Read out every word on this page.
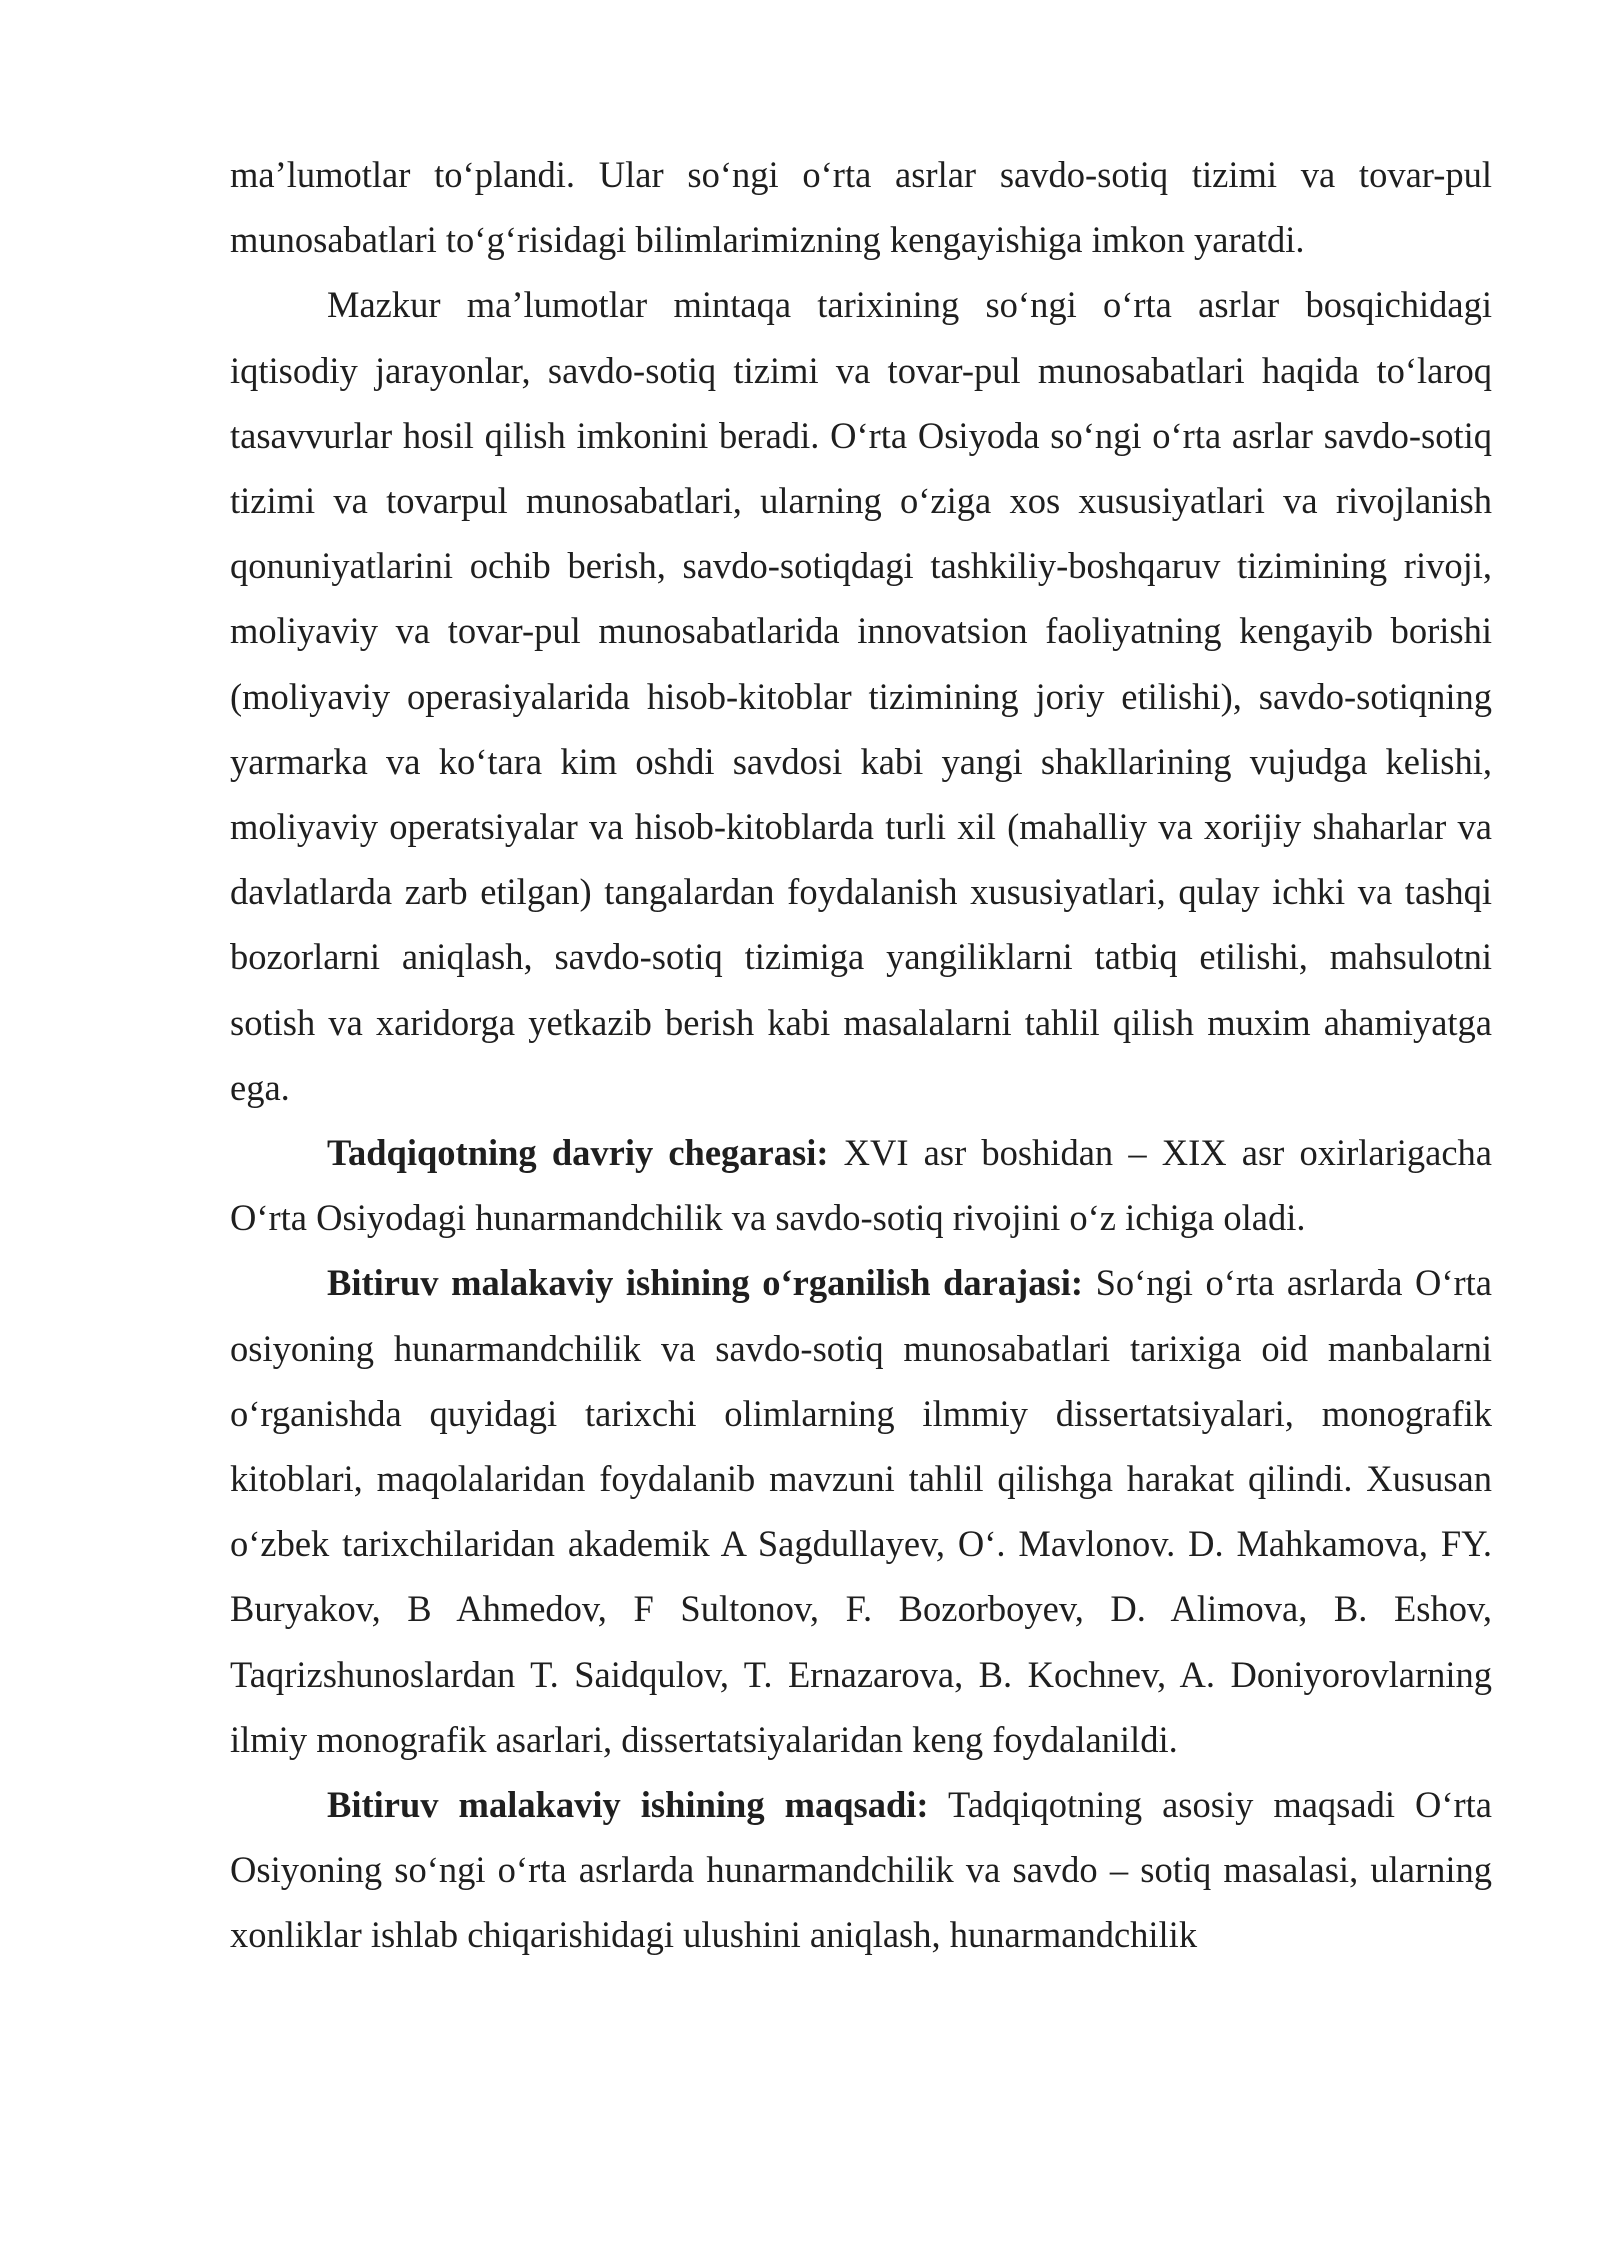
ma’lumotlar to‘plandi. Ular so‘ngi o‘rta asrlar savdo-sotiq tizimi va tovar-pul munosabatlari to‘g‘risidagi bilimlarimizning kengayishiga imkon yaratdi.

Mazkur ma’lumotlar mintaqa tarixining so‘ngi o‘rta asrlar bosqichidagi iqtisodiy jarayonlar, savdo-sotiq tizimi va tovar-pul munosabatlari haqida to‘laroq tasavvurlar hosil qilish imkonini beradi. O‘rta Osiyoda so‘ngi o‘rta asrlar savdo-sotiq tizimi va tovarpul munosabatlari, ularning o‘ziga xos xususiyatlari va rivojlanish qonuniyatlarini ochib berish, savdo-sotiqdagi tashkiliy-boshqaruv tizimining rivoji, moliyaviy va tovar-pul munosabatlarida innovatsion faoliyatning kengayib borishi (moliyaviy operasiyalarida hisob-kitoblar tizimining joriy etilishi), savdo-sotiqning yarmarka va ko‘tara kim oshdi savdosi kabi yangi shakllarining vujudga kelishi, moliyaviy operatsiyalar va hisob-kitoblarda turli xil (mahalliy va xorijiy shaharlar va davlatlarda zarb etilgan) tangalardan foydalanish xususiyatlari, qulay ichki va tashqi bozorlarni aniqlash, savdo-sotiq tizimiga yangiliklarni tatbiq etilishi, mahsulotni sotish va xaridorga yetkazib berish kabi masalalarni tahlil qilish muxim ahamiyatga ega.

Tadqiqotning davriy chegarasi: XVI asr boshidan – XIX asr oxirlarigacha O‘rta Osiyodagi hunarmandchilik va savdo-sotiq rivojini o‘z ichiga oladi.

Bitiruv malakaviy ishining o‘rganilish darajasi: So‘ngi o‘rta asrlarda O‘rta osiyoning hunarmandchilik va savdo-sotiq munosabatlari tarixiga oid manbalarni o‘rganishda quyidagi tarixchi olimlarning ilmmiy dissertatsiyalari, monografik kitoblari, maqolalaridan foydalanib mavzuni tahlil qilishga harakat qilindi. Xususan o‘zbek tarixchilaridan akademik A Sagdullayev, O‘. Mavlonov. D. Mahkamova, FY. Buryakov, B Ahmedov, F Sultonov, F. Bozorboyev, D. Alimova, B. Eshov, Taqrizshunoslardan T. Saidqulov, T. Ernazarova, B. Kochnev, A. Doniyorovlarning ilmiy monografik asarlari, dissertatsiyalaridan keng foydalanildi.

Bitiruv malakaviy ishining maqsadi: Tadqiqotning asosiy maqsadi O‘rta Osiyoning so‘ngi o‘rta asrlarda hunarmandchilik va savdo – sotiq masalasi, ularning xonliklar ishlab chiqarishidagi ulushini aniqlash, hunarmandchilik
